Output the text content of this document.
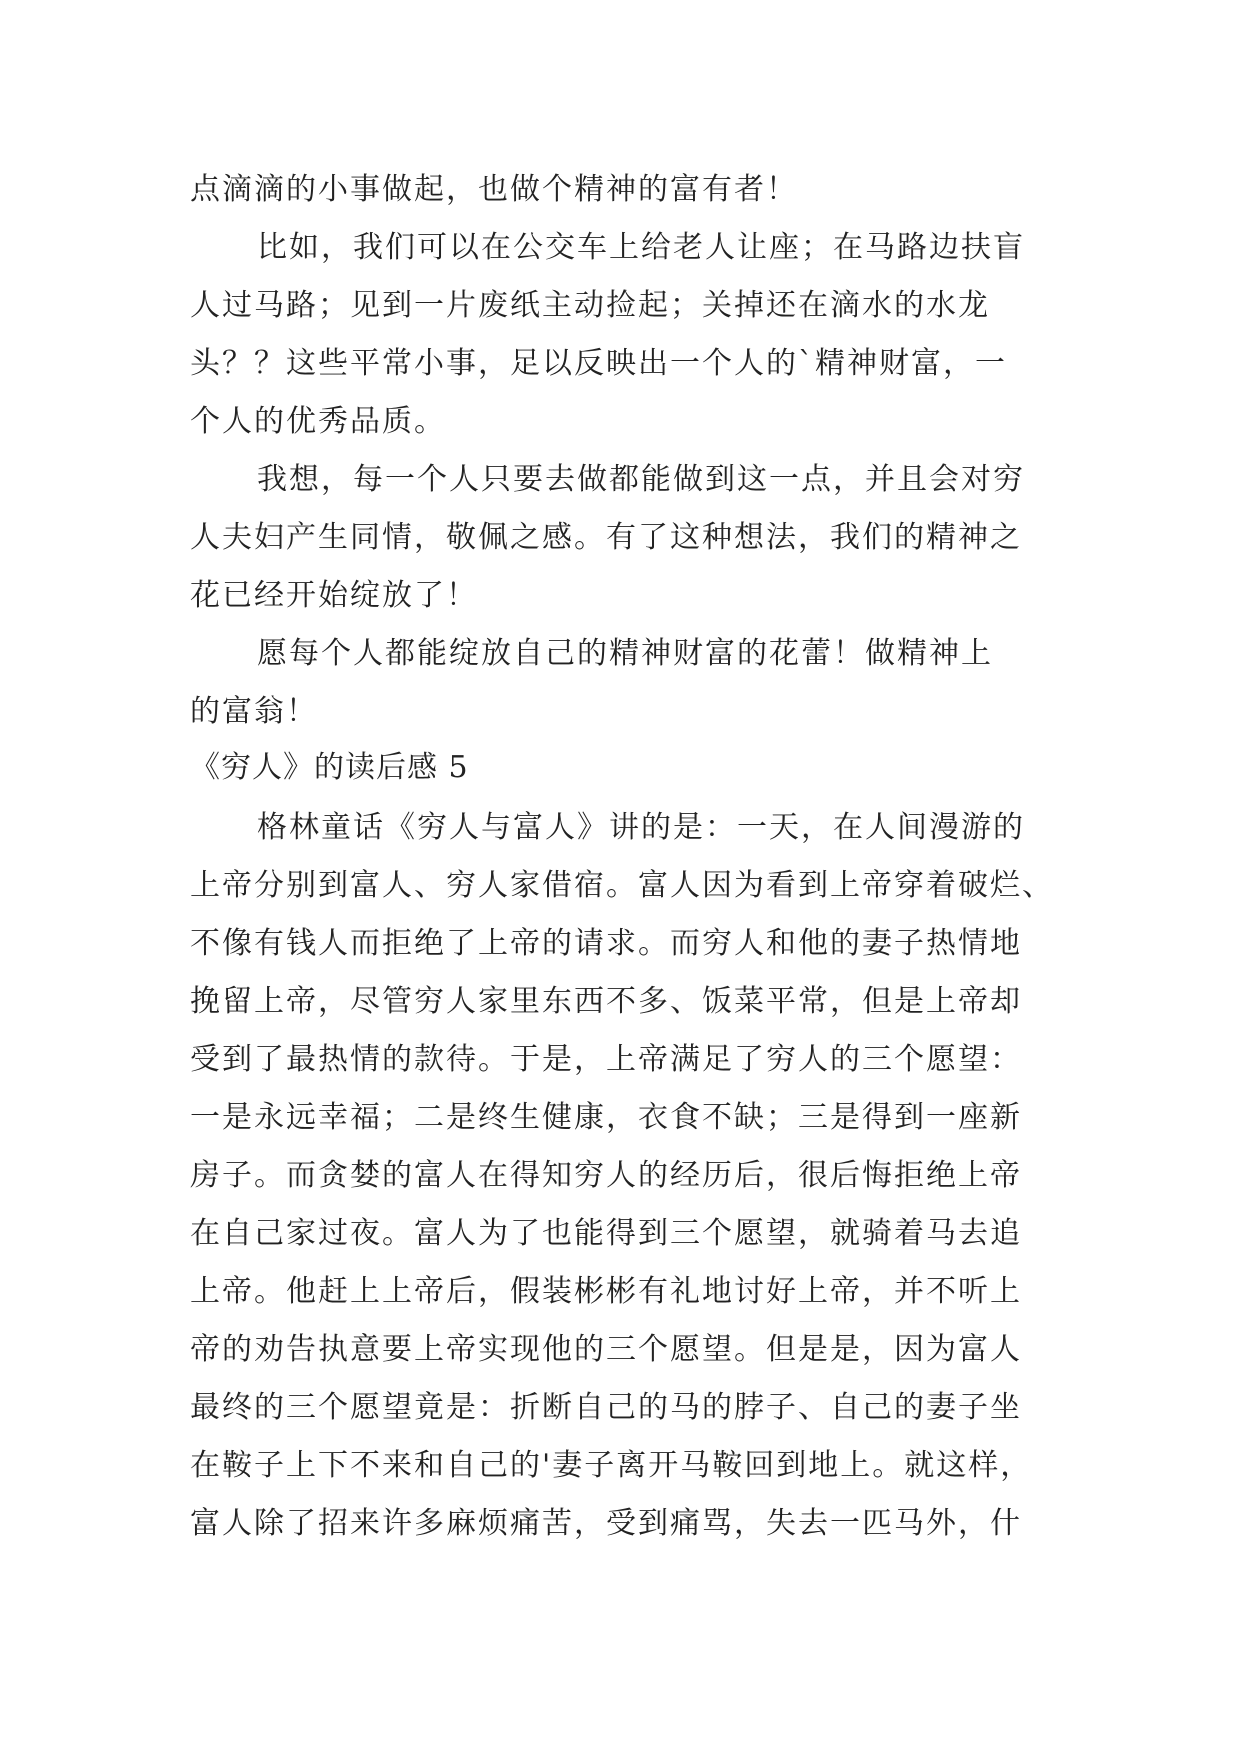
点滴滴的小事做起，也做个精神的富有者！
比如，我们可以在公交车上给老人让座；在马路边扶盲
人过马路；见到一片废纸主动捡起；关掉还在滴水的水龙
头？？这些平常小事，足以反映出一个人的`精神财富，一
个人的优秀品质。
我想，每一个人只要去做都能做到这一点，并且会对穷
人夫妇产生同情，敬佩之感。有了这种想法，我们的精神之
花已经开始绽放了！
愿每个人都能绽放自己的精神财富的花蕾！做精神上
的富翁！
《穷人》的读后感 5
格林童话《穷人与富人》讲的是：一天，在人间漫游的
上帝分别到富人、穷人家借宿。富人因为看到上帝穿着破烂、
不像有钱人而拒绝了上帝的请求。而穷人和他的妻子热情地
挽留上帝，尽管穷人家里东西不多、饭菜平常，但是上帝却
受到了最热情的款待。于是，上帝满足了穷人的三个愿望：
一是永远幸福；二是终生健康，衣食不缺；三是得到一座新
房子。而贪婪的富人在得知穷人的经历后，很后悔拒绝上帝
在自己家过夜。富人为了也能得到三个愿望，就骑着马去追
上帝。他赶上上帝后，假装彬彬有礼地讨好上帝，并不听上
帝的劝告执意要上帝实现他的三个愿望。但是是，因为富人
最终的三个愿望竟是：折断自己的马的脖子、自己的妻子坐
在鞍子上下不来和自己的'妻子离开马鞍回到地上。就这样，
富人除了招来许多麻烦痛苦，受到痛骂，失去一匹马外，什
